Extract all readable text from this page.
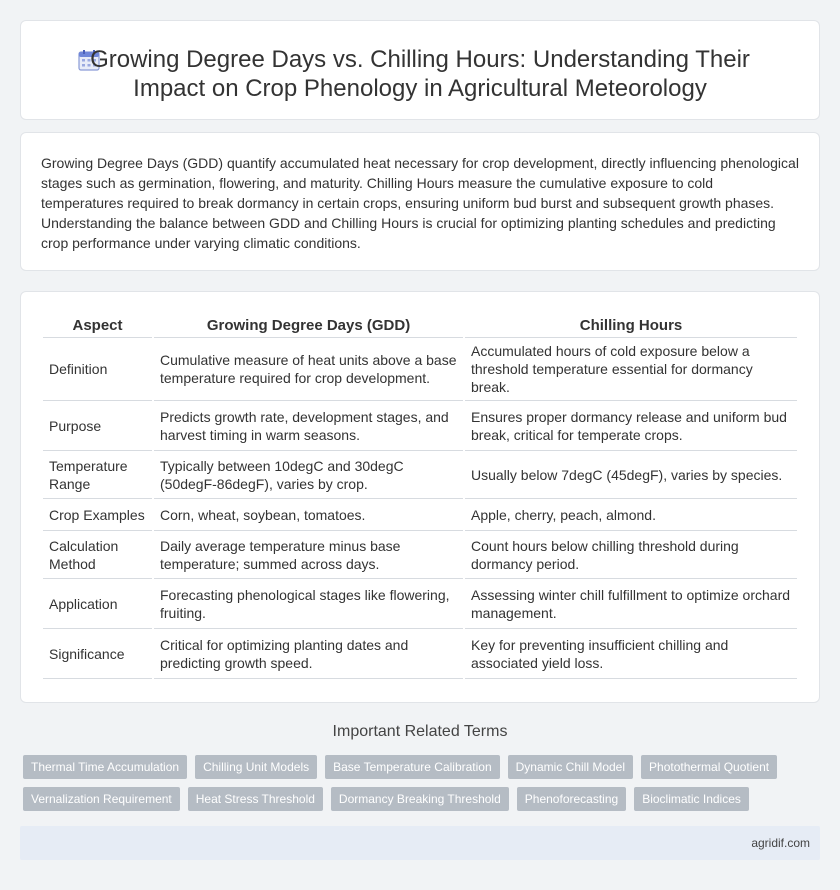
Growing Degree Days vs. Chilling Hours: Understanding Their Impact on Crop Phenology in Agricultural Meteorology

Growing Degree Days (GDD) quantify accumulated heat necessary for crop development, directly influencing phenological stages such as germination, flowering, and maturity. Chilling Hours measure the cumulative exposure to cold temperatures required to break dormancy in certain crops, ensuring uniform bud burst and subsequent growth phases. Understanding the balance between GDD and Chilling Hours is crucial for optimizing planting schedules and predicting crop performance under varying climatic conditions.

Aspect	Growing Degree Days (GDD)	Chilling Hours
Definition	Cumulative measure of heat units above a base temperature required for crop development.	Accumulated hours of cold exposure below a threshold temperature essential for dormancy break.
Purpose	Predicts growth rate, development stages, and harvest timing in warm seasons.	Ensures proper dormancy release and uniform bud break, critical for temperate crops.
Temperature Range	Typically between 10degC and 30degC (50degF-86degF), varies by crop.	Usually below 7degC (45degF), varies by species.
Crop Examples	Corn, wheat, soybean, tomatoes.	Apple, cherry, peach, almond.
Calculation Method	Daily average temperature minus base temperature; summed across days.	Count hours below chilling threshold during dormancy period.
Application	Forecasting phenological stages like flowering, fruiting.	Assessing winter chill fulfillment to optimize orchard management.
Significance	Critical for optimizing planting dates and predicting growth speed.	Key for preventing insufficient chilling and associated yield loss.
Important Related Terms
Thermal Time Accumulation	Chilling Unit Models	Base Temperature Calibration	Dynamic Chill Model	Photothermal Quotient
Vernalization Requirement	Heat Stress Threshold	Dormancy Breaking Threshold	Phenoforecasting	Bioclimatic Indices
agridif.com
